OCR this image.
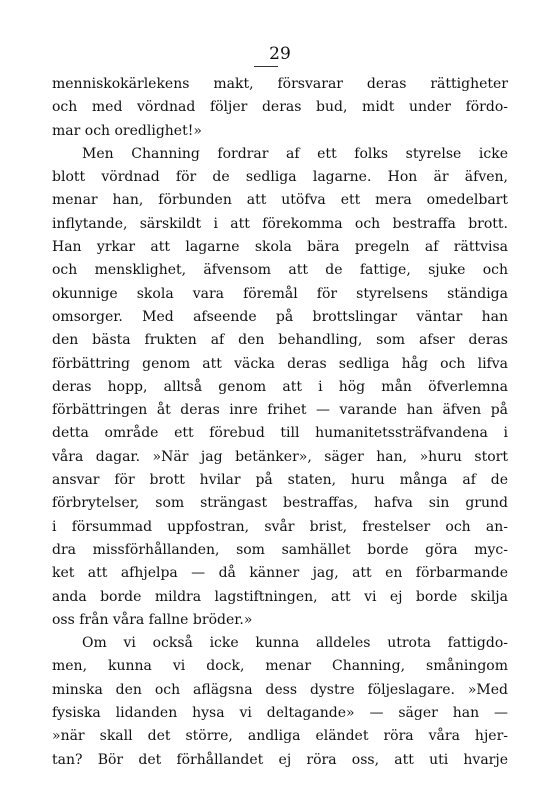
29
menniskokärlekens makt, försvarar deras rättigheter
och med vördnad följer deras bud, midt under fördo-
mar och oredlighet!»
Men Channing fordrar af ett folks styrelse icke
blott vördnad för de sedliga lagarne. Hon är äfven,
menar han, förbunden att utöfva ett mera omedelbart
inflytande, särskildt i att förekomma och bestraffa brott.
Han yrkar att lagarne skola bära pregeln af rättvisa
och mensklighet, äfvensom att de fattige, sjuke och
okunnige skola vara föremål för styrelsens ständiga
omsorger. Med afseende på brottslingar väntar han
den bästa frukten af den behandling, som afser deras
förbättring genom att väcka deras sedliga håg och lifva
deras hopp, alltså genom att i hög mån öfverlemna
förbättringen åt deras inre frihet — varande han äfven på
detta område ett förebud till humanitetssträfvandena i
våra dagar. »När jag betänker», säger han, »huru stort
ansvar för brott hvilar på staten, huru många af de
förbrytelser, som strängast bestraffas, hafva sin grund
i försummad uppfostran, svår brist, frestelser och an-
dra missförhållanden, som samhället borde göra myc-
ket att afhjelpa — då känner jag, att en förbarmande
anda borde mildra lagstiftningen, att vi ej borde skilja
oss från våra fallne bröder.»
Om vi också icke kunna alldeles utrota fattigdo-
men, kunna vi dock, menar Channing, småningom
minska den och aflägsna dess dystre följeslagare. »Med
fysiska lidanden hysa vi deltagande» — säger han —
»när skall det större, andliga eländet röra våra hjer-
tan? Bör det förhållandet ej röra oss, att uti hvarje
